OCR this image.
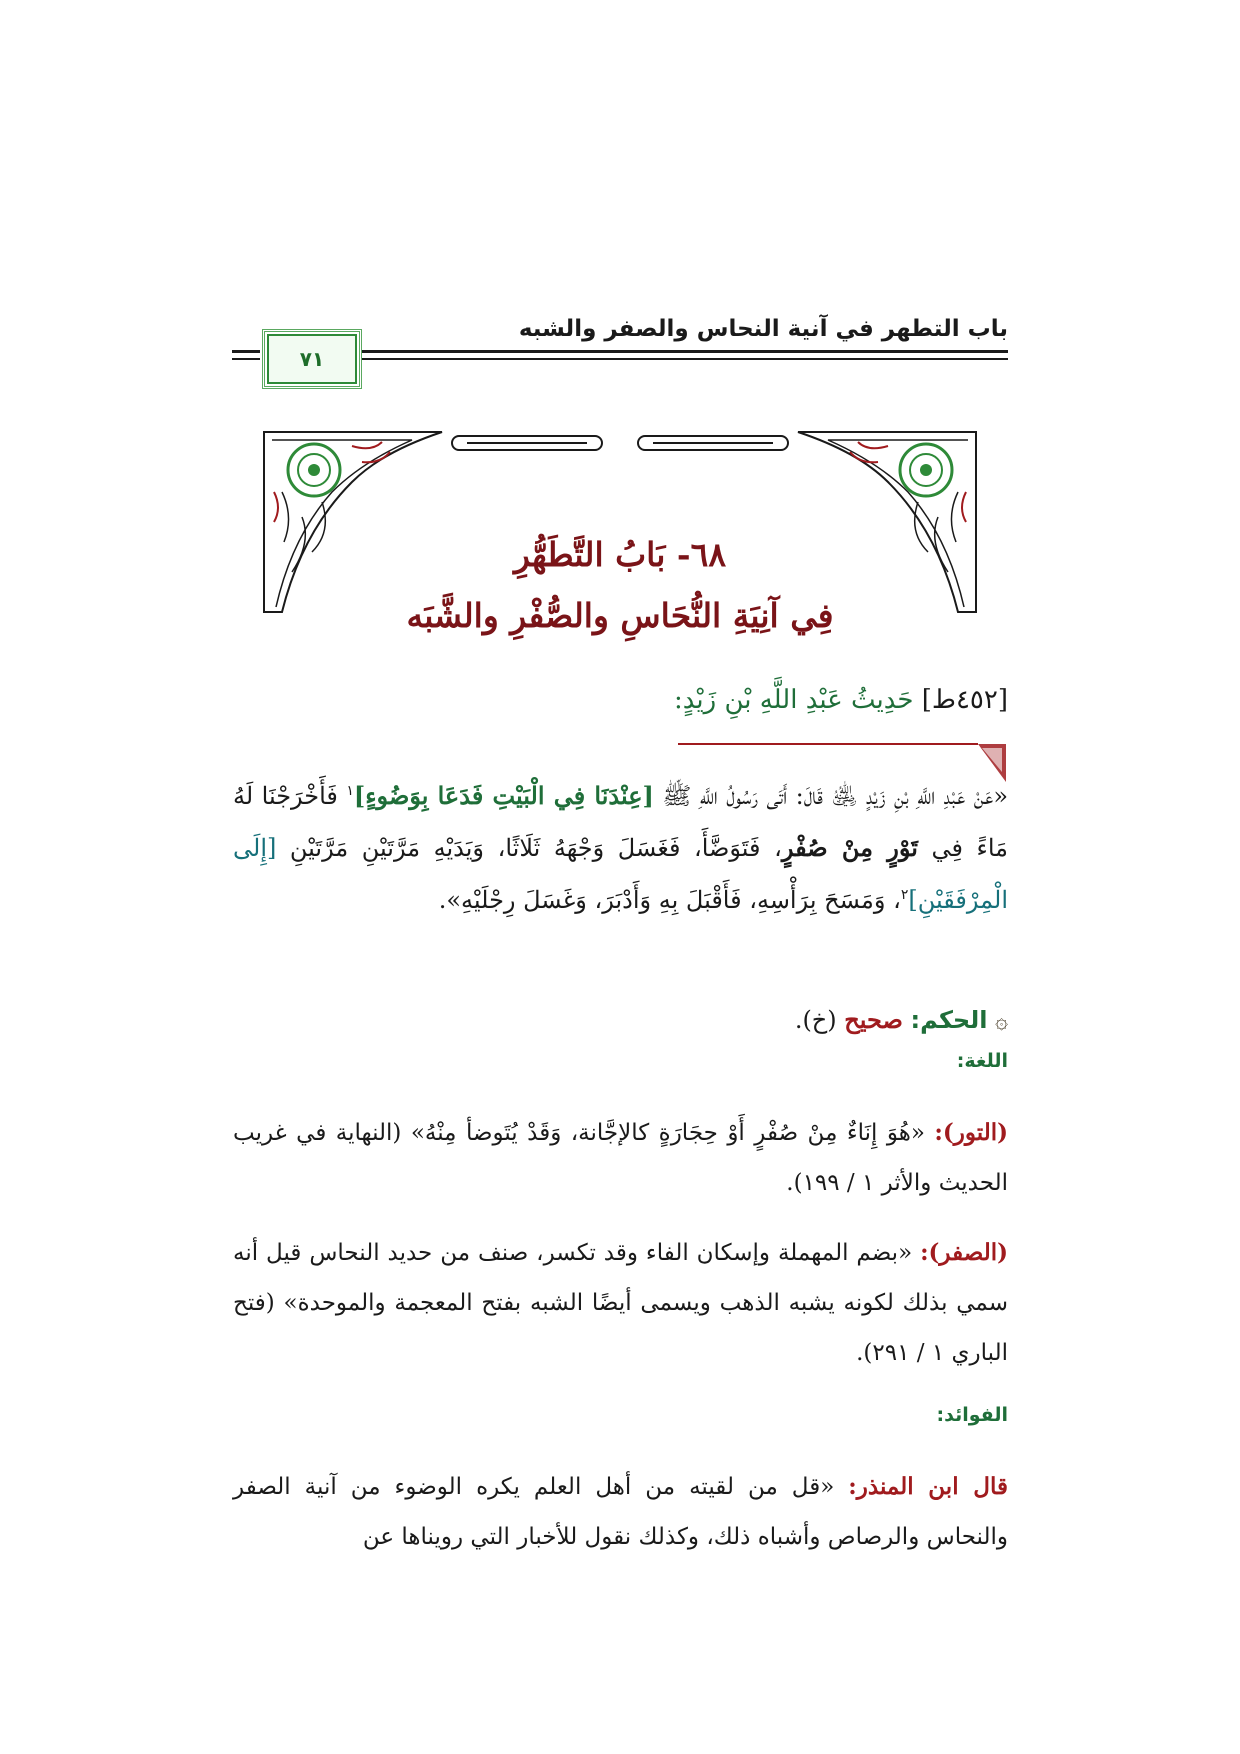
باب التطهر في آنية النحاس والصفر والشبه
٧١
٦٨- بَابُ التَّطَهُّرِ
فِي آنِيَةِ النُّحَاسِ والصُّفْرِ والشَّبَه
[٤٥٢ط] حَدِيثُ عَبْدِ اللَّهِ بْنِ زَيْدٍ:
«عَنْ عَبْدِ اللَّهِ بْنِ زَيْدٍ ﵁ قَالَ: أَتَى رَسُولُ اللَّهِ ﷺ [عِنْدَنَا فِي الْبَيْتِ فَدَعَا بِوَضُوءٍ]$^١$ فَأَخْرَجْنَا لَهُ مَاءً فِي تَوْرٍ مِنْ صُفْرٍ، فَتَوَضَّأَ، فَغَسَلَ وَجْهَهُ ثَلَاثًا، وَيَدَيْهِ مَرَّتَيْنِ مَرَّتَيْنِ [إِلَى الْمِرْفَقَيْنِ]$^٢$، وَمَسَحَ بِرَأْسِهِ، فَأَقْبَلَ بِهِ وَأَدْبَرَ، وَغَسَلَ رِجْلَيْهِ».
۞ الحكم: صحيح (خ).
اللغة:
(التور): «هُوَ إِنَاءٌ مِنْ صُفْرٍ أَوْ حِجَارَةٍ كالإجَّانة، وَقَدْ يُتَوضأ مِنْهُ» (النهاية في غريب الحديث والأثر ١ / ١٩٩).
(الصفر): «بضم المهملة وإسكان الفاء وقد تكسر، صنف من حديد النحاس قيل أنه سمي بذلك لكونه يشبه الذهب ويسمى أيضًا الشبه بفتح المعجمة والموحدة» (فتح الباري ١ / ٢٩١).
الفوائد:
قال ابن المنذر: «قل من لقيته من أهل العلم يكره الوضوء من آنية الصفر والنحاس والرصاص وأشباه ذلك، وكذلك نقول للأخبار التي رويناها عن
